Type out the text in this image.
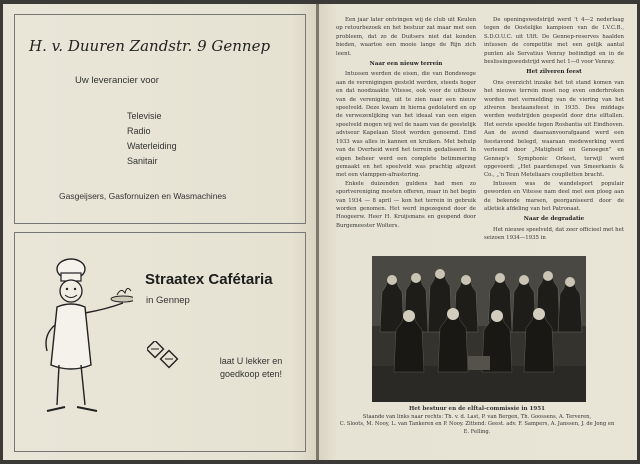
H. v. Duuren Zandstr. 9 Gennep
Uw leverancier voor
Televisie
Radio
Waterleiding
Sanitair
Gasgeijsers, Gasfornuizen en Wasmachines
Straatex Cafétaria
in Gennep
laat U lekker en
goedkoop eten!

Een jaar later ontvingen wij de club uit Keulen op retourbezoek en het bestuur zat maar met een probleem, dat zo de Duitsers niet dat konden bieden, waartoe een mooie lange de Rijn zich leent.

Naar een nieuw terrein

Intussen werden de eisen, die van Bondswege aan de verenigingen gesteld werden, steeds hoger en dat noodzaakte Vitesse, ook voor de uitbouw van de vereniging, uit te zien naar een nieuw speelveld. Deze kwam in hierna gedolaterd en op de verwezenlijking van het ideaal van een eigen speelveld mogen wij wel de naam van de geestelijk adviseur Kapelaan Stoot worden genoemd. Eind 1933 was alles in kannen en kruiken. Met behulp van de Overheid werd het terrein gedaliseerd. In eigen beheer werd een complete betimmering gemaakt en het speelveld was prachtig afgezet met een vlamppen-afrastering.

Enkele duizenden guldens had men zo sportvereniging moeten offeren, maar in het begin van 1934 — 8 april — kon het terrein in gebruik worden genomen. Het werd ingezegend door de Hoogeerw. Heer H. Kruijsmans en geopend door Burgemeester Wolters.

De openingswedstrijd werd 't 4—2 nederlaag tegen de Oostelijke kampioen van de I.V.C.B., S.D.O.U.C. uit Ulft. De Gennep-reserves haalden intussen de competitie met een gelijk aantal punten als Servatius Venray beëindigd en in de beslissingswedstrijd werd het 1—0 voor Venray.

Het zilveren feest

Ons overzicht inzake het tot stand komen van het nieuwe terrein moet nog even onderbroken worden met vermelding van de viering van het zilveren bestaansfeest in 1935. Des middags werden wedstrijden gespeeld door drie elftallen. Het eerste speelde tegen Rosbantia uit Eindhoven. Aan de avond daaraanvoorafgaand werd een feestavond belegd, waaraan medewerking werd verleend door „Matigheid en Genoegen” en Gennep's Symphonic Orkest, terwijl werd opgevoerd: „Het paardenspel van Smeerkanis & Co., „'n Teun Meteliaars couplletten bracht.

Intussen was de wandelsport populair geworden en Vitesse nam deel met een ploeg aan de bekende marsen, georganiseerd door de atletiek afdeling van het Patronaat.

Naar de degradatie

Het nieuwe speelveld, dat zeer officieel met het seizoen 1934—1935 in

Het bestuur en de elftal-commissie in 1951
Staande van links naar rechts: Th. v. d. Last, P. van Bergen, Th. Goossens, A. Terveren,
C. Sloots, M. Nooy, L. van Tankeren en P. Nooy. Zittend: Geest. adv. F. Sampers, A. Janssen, J. de Jong en E. Felling.
